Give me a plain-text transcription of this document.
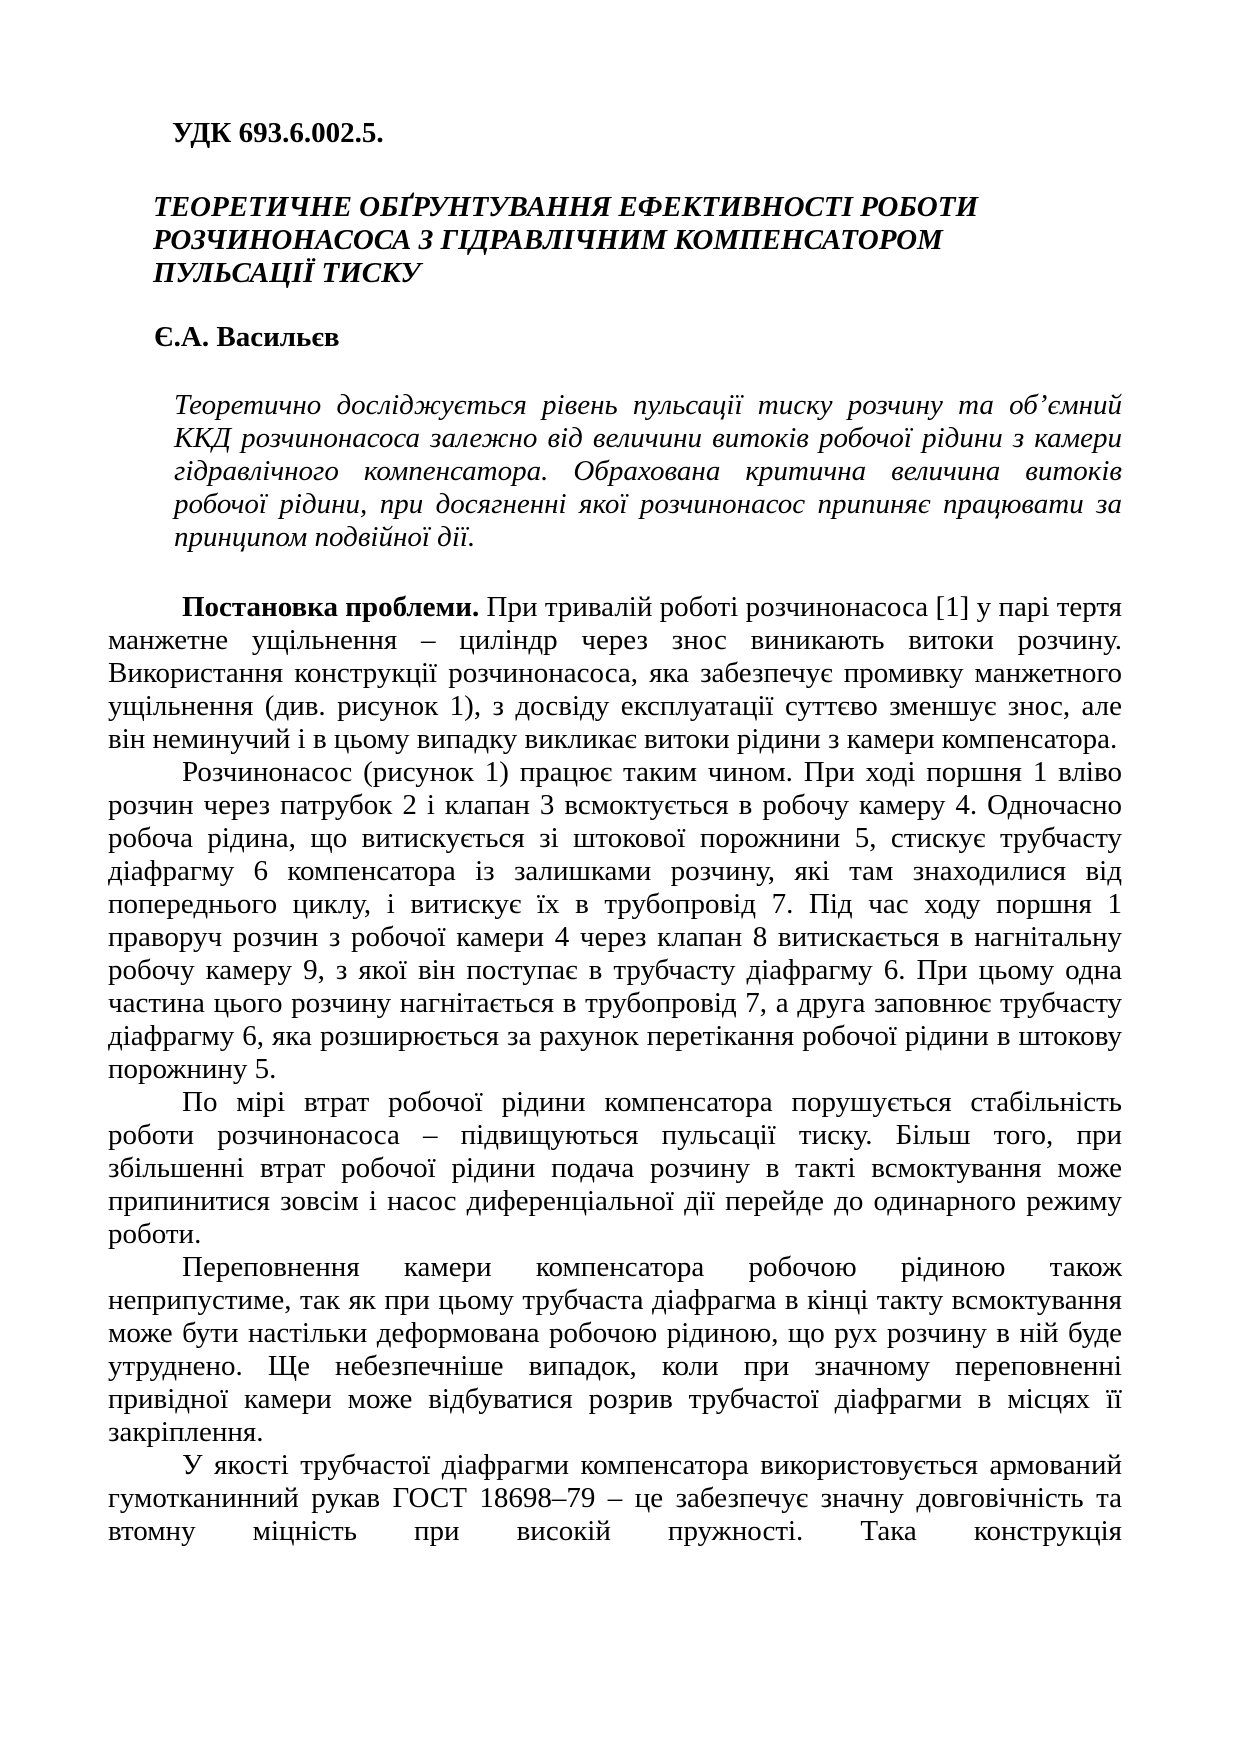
УДК 693.6.002.5.
ТЕОРЕТИЧНЕ ОБҐРУНТУВАННЯ ЕФЕКТИВНОСТІ РОБОТИ
РОЗЧИНОНАСОСА З ГІДРАВЛІЧНИМ КОМПЕНСАТОРОМ
ПУЛЬСАЦІЇ ТИСКУ
Є.А. Васильєв
Теоретично досліджується рівень пульсації тиску розчину та об’ємний ККД розчинонасоса залежно від величини витоків робочої рідини з камери гідравлічного компенсатора. Обрахована критична величина витоків робочої рідини, при досягненні якої розчинонасос припиняє працювати за принципом подвійної дії.

Постановка проблеми. При тривалій роботі розчинонасоса [1] у парі тертя манжетне ущільнення – циліндр через знос виникають витоки розчину. Використання конструкції розчинонасоса, яка забезпечує промивку манжетного ущільнення (див. рисунок 1), з досвіду експлуатації суттєво зменшує знос, але він неминучий і в цьому випадку викликає витоки рідини з камери компенсатора.

Розчинонасос (рисунок 1) працює таким чином. При ході поршня 1 вліво розчин через патрубок 2 і клапан 3 всмоктується в робочу камеру 4. Одночасно робоча рідина, що витискується зі штокової порожнини 5, стискує трубчасту діафрагму 6 компенсатора із залишками розчину, які там знаходилися від попереднього циклу, і витискує їх в трубопровід 7. Під час ходу поршня 1 праворуч розчин з робочої камери 4 через клапан 8 витискається в нагнітальну робочу камеру 9, з якої він поступає в трубчасту діафрагму 6. При цьому одна частина цього розчину нагнітається в трубопровід 7, а друга заповнює трубчасту діафрагму 6, яка розширюється за рахунок перетікання робочої рідини в штокову порожнину 5.

По мірі втрат робочої рідини компенсатора порушується стабільність роботи розчинонасоса – підвищуються пульсації тиску. Більш того, при збільшенні втрат робочої рідини подача розчину в такті всмоктування може припинитися зовсім і насос диференціальної дії перейде до одинарного режиму роботи.

Переповнення камери компенсатора робочою рідиною також неприпустиме, так як при цьому трубчаста діафрагма в кінці такту всмоктування може бути настільки деформована робочою рідиною, що рух розчину в ній буде утруднено. Ще небезпечніше випадок, коли при значному переповненні привідної камери може відбуватися розрив трубчастої діафрагми в місцях її закріплення.

У якості трубчастої діафрагми компенсатора використовується армований гумотканинний рукав ГОСТ 18698–79 – це забезпечує значну довговічність та втомну міцність при високій пружності. Така конструкція
